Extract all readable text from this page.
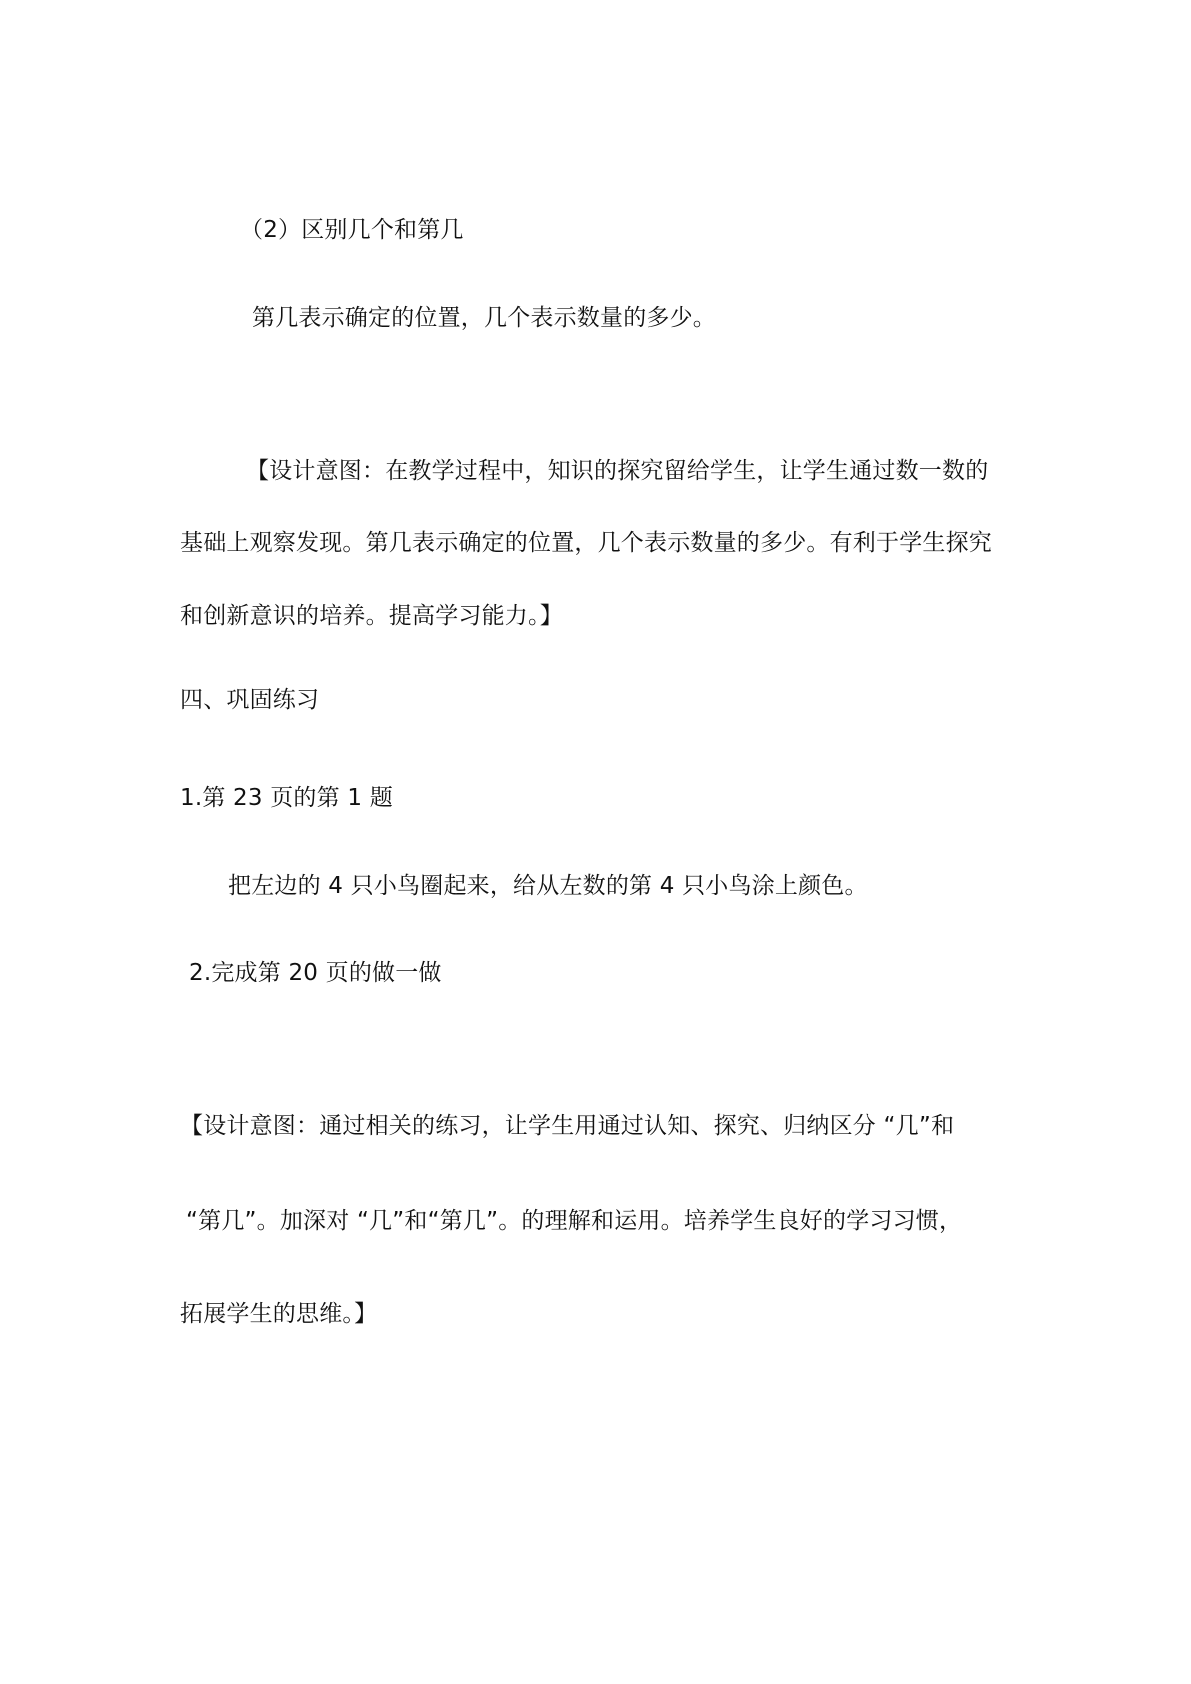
（2）区别几个和第几
第几表示确定的位置，几个表示数量的多少。
【设计意图：在教学过程中，知识的探究留给学生，让学生通过数一数的
基础上观察发现。第几表示确定的位置，几个表示数量的多少。有利于学生探究
和创新意识的培养。提高学习能力。】
四、巩固练习
1.第 23 页的第 1 题
把左边的 4 只小鸟圈起来，给从左数的第 4 只小鸟涂上颜色。
2.完成第 20 页的做一做
【设计意图：通过相关的练习，让学生用通过认知、探究、归纳区分 “几”和
“第几”。加深对 “几”和“第几”。的理解和运用。培养学生良好的学习习惯，
拓展学生的思维。】
